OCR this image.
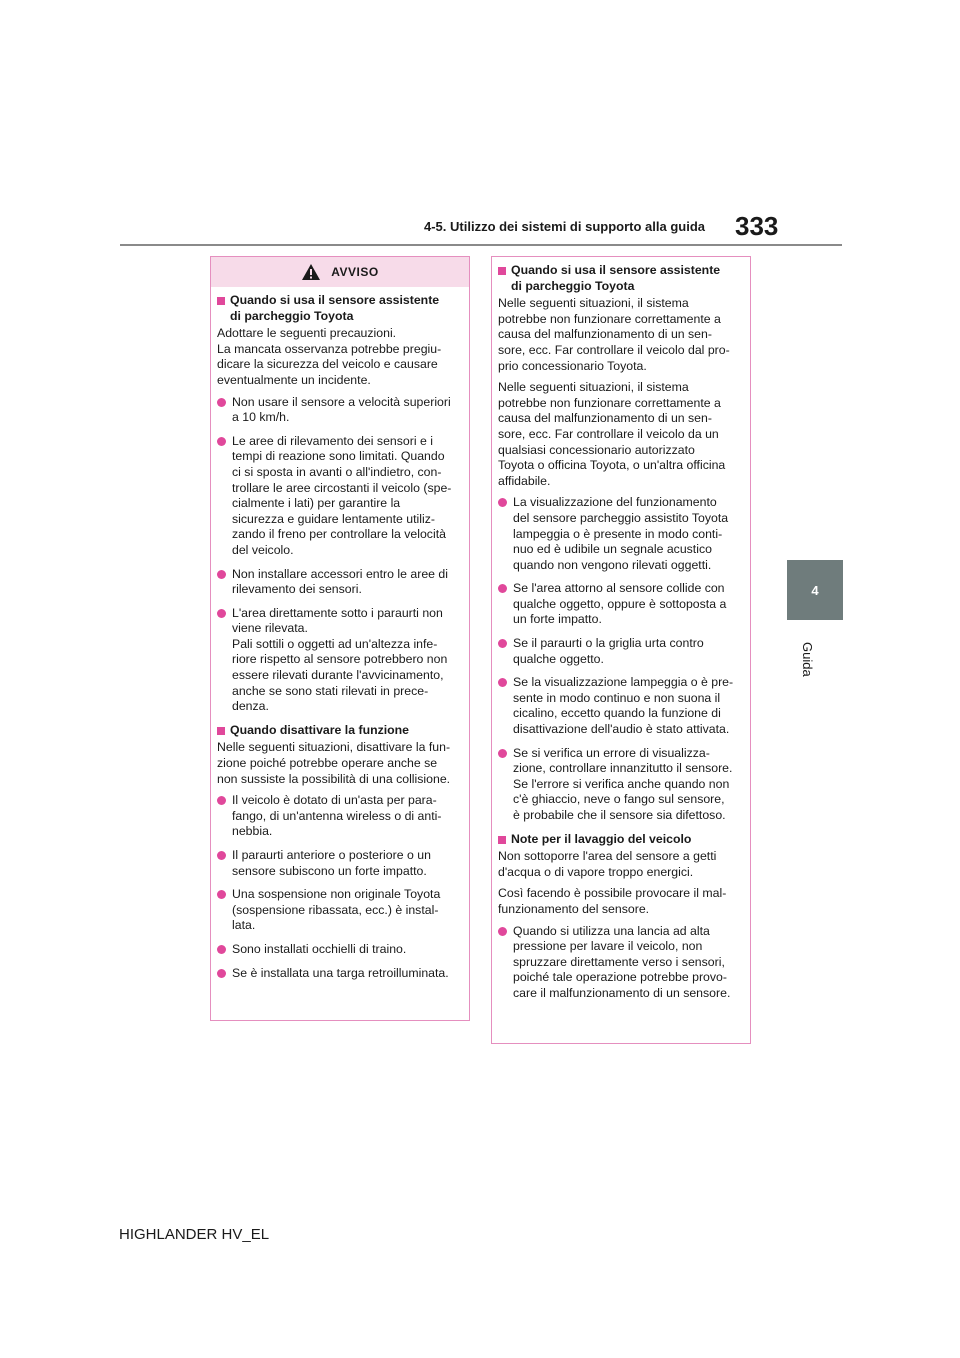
4-5. Utilizzo dei sistemi di supporto alla guida 333
4
Guida
AVVISO
Quando si usa il sensore assistente
di parcheggio Toyota
Adottare le seguenti precauzioni.
La mancata osservanza potrebbe pregiu-
dicare la sicurezza del veicolo e causare
eventualmente un incidente.
Non usare il sensore a velocità superiori
a 10 km/h.
Le aree di rilevamento dei sensori e i
tempi di reazione sono limitati. Quando
ci si sposta in avanti o all'indietro, con-
trollare le aree circostanti il veicolo (spe-
cialmente i lati) per garantire la
sicurezza e guidare lentamente utiliz-
zando il freno per controllare la velocità
del veicolo.
Non installare accessori entro le aree di
rilevamento dei sensori.
L'area direttamente sotto i paraurti non
viene rilevata.
Pali sottili o oggetti ad un'altezza infe-
riore rispetto al sensore potrebbero non
essere rilevati durante l'avvicinamento,
anche se sono stati rilevati in prece-
denza.
Quando disattivare la funzione
Nelle seguenti situazioni, disattivare la fun-
zione poiché potrebbe operare anche se
non sussiste la possibilità di una collisione.
Il veicolo è dotato di un'asta per para-
fango, di un'antenna wireless o di anti-
nebbia.
Il paraurti anteriore o posteriore o un
sensore subiscono un forte impatto.
Una sospensione non originale Toyota
(sospensione ribassata, ecc.) è instal-
lata.
Sono installati occhielli di traino.
Se è installata una targa retroilluminata.
Quando si usa il sensore assistente
di parcheggio Toyota
Nelle seguenti situazioni, il sistema
potrebbe non funzionare correttamente a
causa del malfunzionamento di un sen-
sore, ecc. Far controllare il veicolo dal pro-
prio concessionario Toyota.
Nelle seguenti situazioni, il sistema
potrebbe non funzionare correttamente a
causa del malfunzionamento di un sen-
sore, ecc. Far controllare il veicolo da un
qualsiasi concessionario autorizzato
Toyota o officina Toyota, o un'altra officina
affidabile.
La visualizzazione del funzionamento
del sensore parcheggio assistito Toyota
lampeggia o è presente in modo conti-
nuo ed è udibile un segnale acustico
quando non vengono rilevati oggetti.
Se l'area attorno al sensore collide con
qualche oggetto, oppure è sottoposta a
un forte impatto.
Se il paraurti o la griglia urta contro
qualche oggetto.
Se la visualizzazione lampeggia o è pre-
sente in modo continuo e non suona il
cicalino, eccetto quando la funzione di
disattivazione dell'audio è stato attivata.
Se si verifica un errore di visualizza-
zione, controllare innanzitutto il sensore.
Se l'errore si verifica anche quando non
c'è ghiaccio, neve o fango sul sensore,
è probabile che il sensore sia difettoso.
Note per il lavaggio del veicolo
Non sottoporre l'area del sensore a getti
d'acqua o di vapore troppo energici.
Così facendo è possibile provocare il mal-
funzionamento del sensore.
Quando si utilizza una lancia ad alta
pressione per lavare il veicolo, non
spruzzare direttamente verso i sensori,
poiché tale operazione potrebbe provo-
care il malfunzionamento di un sensore.
HIGHLANDER HV_EL
